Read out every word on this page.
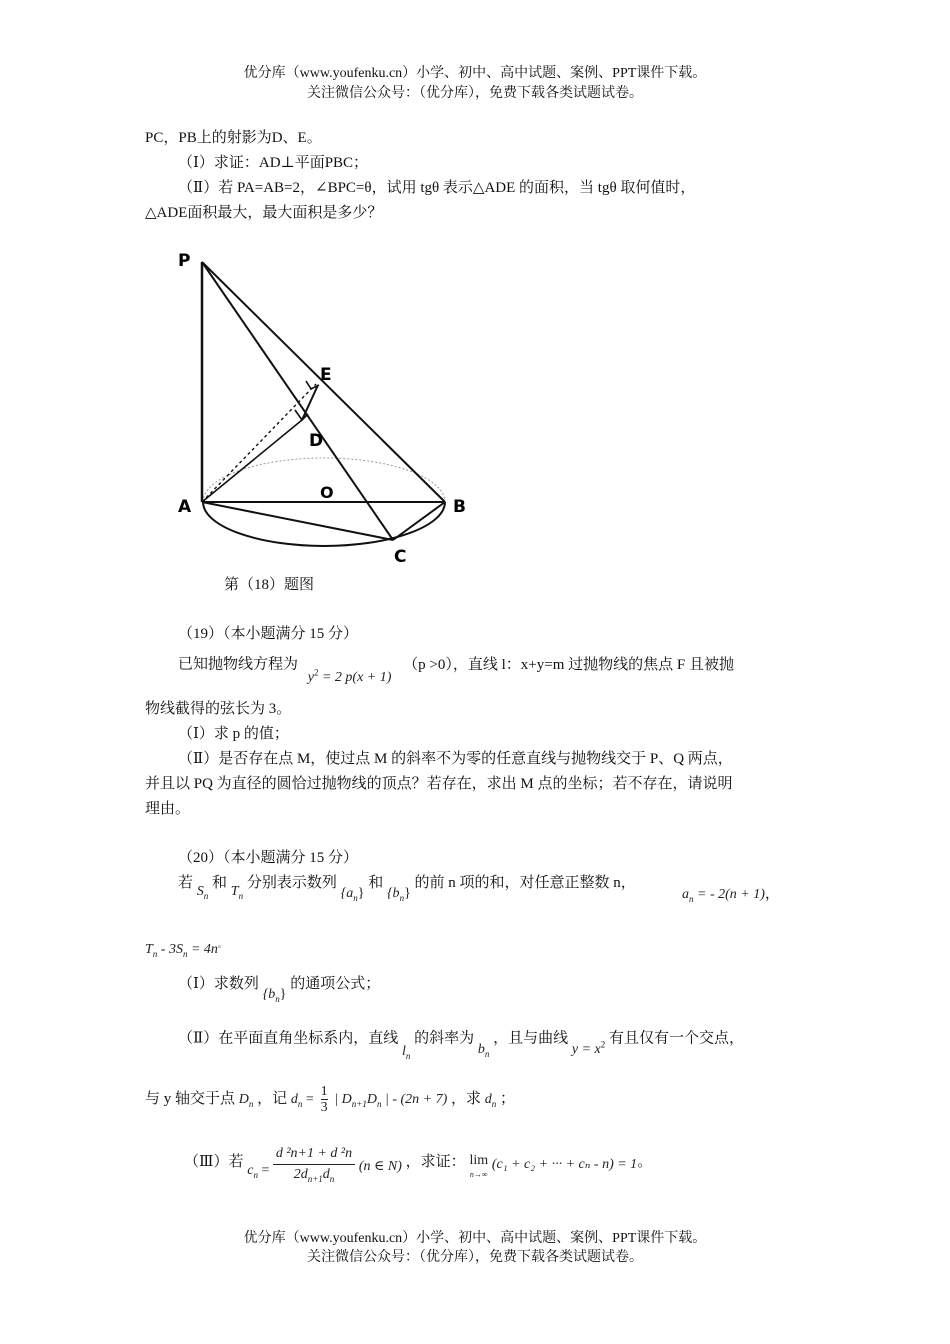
优分库（www.youfenku.cn）小学、初中、高中试题、案例、PPT课件下载。
关注微信公众号：（优分库），免费下载各类试题试卷。
PC，PB上的射影为D、E。
（Ⅰ）求证：AD⊥平面PBC；
（Ⅱ）若 PA=AB=2，∠BPC=θ，试用 tgθ 表示△ADE 的面积，当 tgθ 取何值时，
△ADE面积最大，最大面积是多少？
P
E
D
A
O
B
C
第（18）题图
（19）（本小题满分 15 分）
已知抛物线方程为 $y^2 = 2$ p(x + 1) （p >0），直线 l：x+y=m 过抛物线的焦点 F 且被抛
物线截得的弦长为 3。
（Ⅰ）求 p 的值；
（Ⅱ）是否存在点 M，使过点 M 的斜率不为零的任意直线与抛物线交于 P、Q 两点，
并且以 PQ 为直径的圆恰过抛物线的顶点？若存在，求出 M 点的坐标；若不存在，请说明
理由。
（20）（本小题满分 15 分）
若 $S_n$ 和 $T_n$ 分别表示数列 $\{a_n\}$ 和 $\{b_n\}$ 的前 n 项的和，对任意正整数 n，
$a_n$ = - 2(n + 1)，
$T_n - 3S_n = 4n^。$
（Ⅰ）求数列 $\{b_n\}$ 的通项公式；
（Ⅱ）在平面直角坐标系内，直线 $l_n$ 的斜率为 $b_n$ ，且与曲线 $y = x^2$ 有且仅有一个交点，
与 y 轴交于点 $D_n$ ，记 $d_n = \frac{1}{3}$ | $D_{n+1}D_n$ | - (2n + 7) ，求 $d_n$ ；
（Ⅲ）若 $c_n = \frac{\text{d ²n+1 + d ²n}}{2d_{n+1}d_n} (n$ ∈ N) ，求证： lim
n→∞
(c₁ + c₂ + ··· + cₙ - n) = 1。
优分库（www.youfenku.cn）小学、初中、高中试题、案例、PPT课件下载。
关注微信公众号：（优分库），免费下载各类试题试卷。
